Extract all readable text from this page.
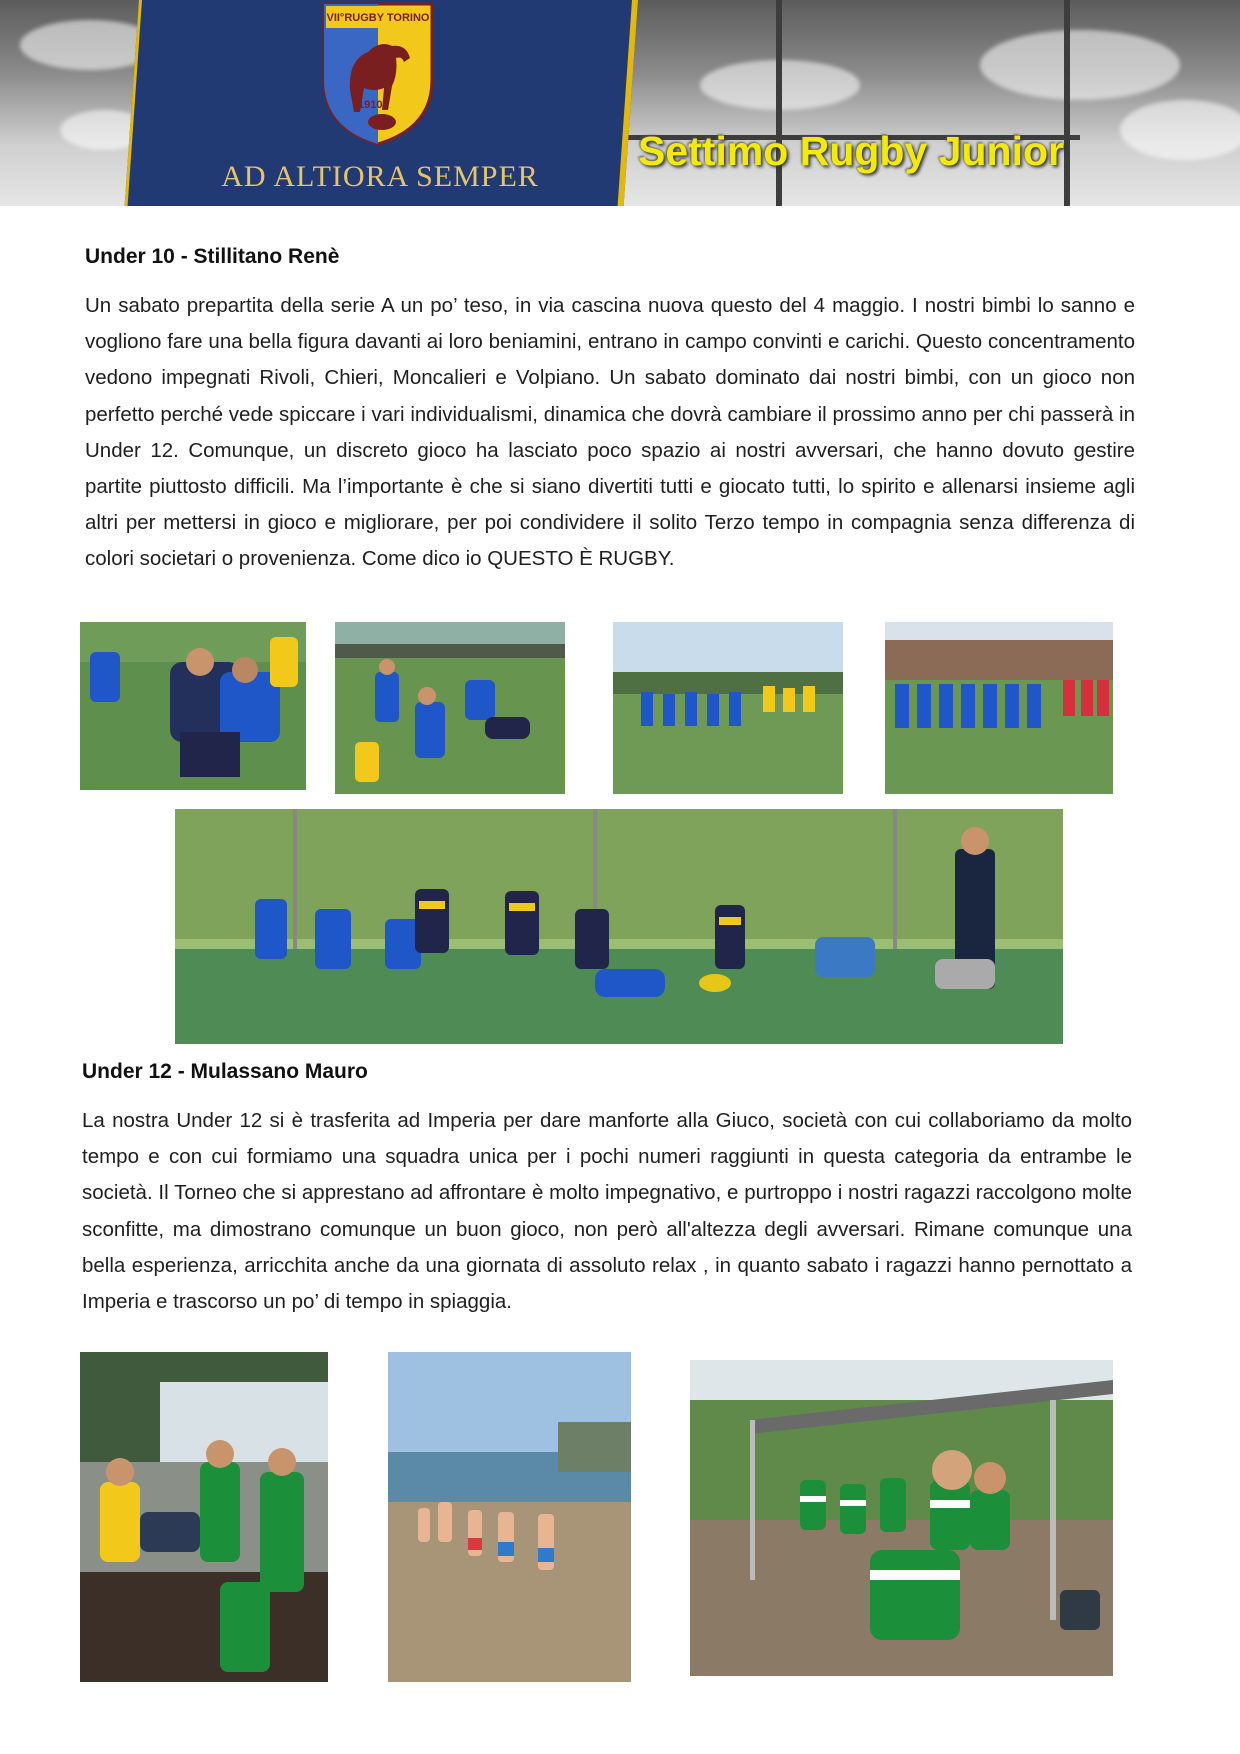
VII°RUGBY TORINO
1910
AD ALTIORA SEMPER
Settimo Rugby Junior
Under 10 - Stillitano Renè
Un sabato prepartita della serie A un po’ teso, in via cascina nuova questo del 4 maggio. I nostri bimbi lo sanno e vogliono fare una bella figura davanti ai loro beniamini, entrano in campo convinti e carichi. Questo concentramento vedono impegnati Rivoli, Chieri, Moncalieri e Volpiano. Un sabato dominato dai nostri bimbi, con un gioco non perfetto perché vede spiccare i vari individualismi, dinamica che dovrà cambiare il prossimo anno per chi passerà in Under 12. Comunque, un discreto gioco ha lasciato poco spazio ai nostri avversari, che hanno dovuto gestire partite piuttosto difficili. Ma l’importante è che si siano divertiti tutti e giocato tutti, lo spirito e allenarsi insieme agli altri per mettersi in gioco e migliorare, per poi condividere il solito Terzo tempo in compagnia senza differenza di colori societari o provenienza. Come dico io QUESTO È RUGBY.
Under 12 - Mulassano Mauro
La nostra Under 12 si è trasferita ad Imperia per dare manforte alla Giuco, società con cui collaboriamo da molto tempo e con cui formiamo una squadra unica per i pochi numeri raggiunti in questa categoria da entrambe le società. Il Torneo che si apprestano ad affrontare è molto impegnativo, e purtroppo i nostri ragazzi raccolgono molte sconfitte, ma dimostrano comunque un buon gioco, non però all'altezza degli avversari. Rimane comunque una bella esperienza, arricchita anche da una giornata di assoluto relax , in quanto sabato i ragazzi hanno pernottato a Imperia e trascorso un po’ di tempo in spiaggia.
